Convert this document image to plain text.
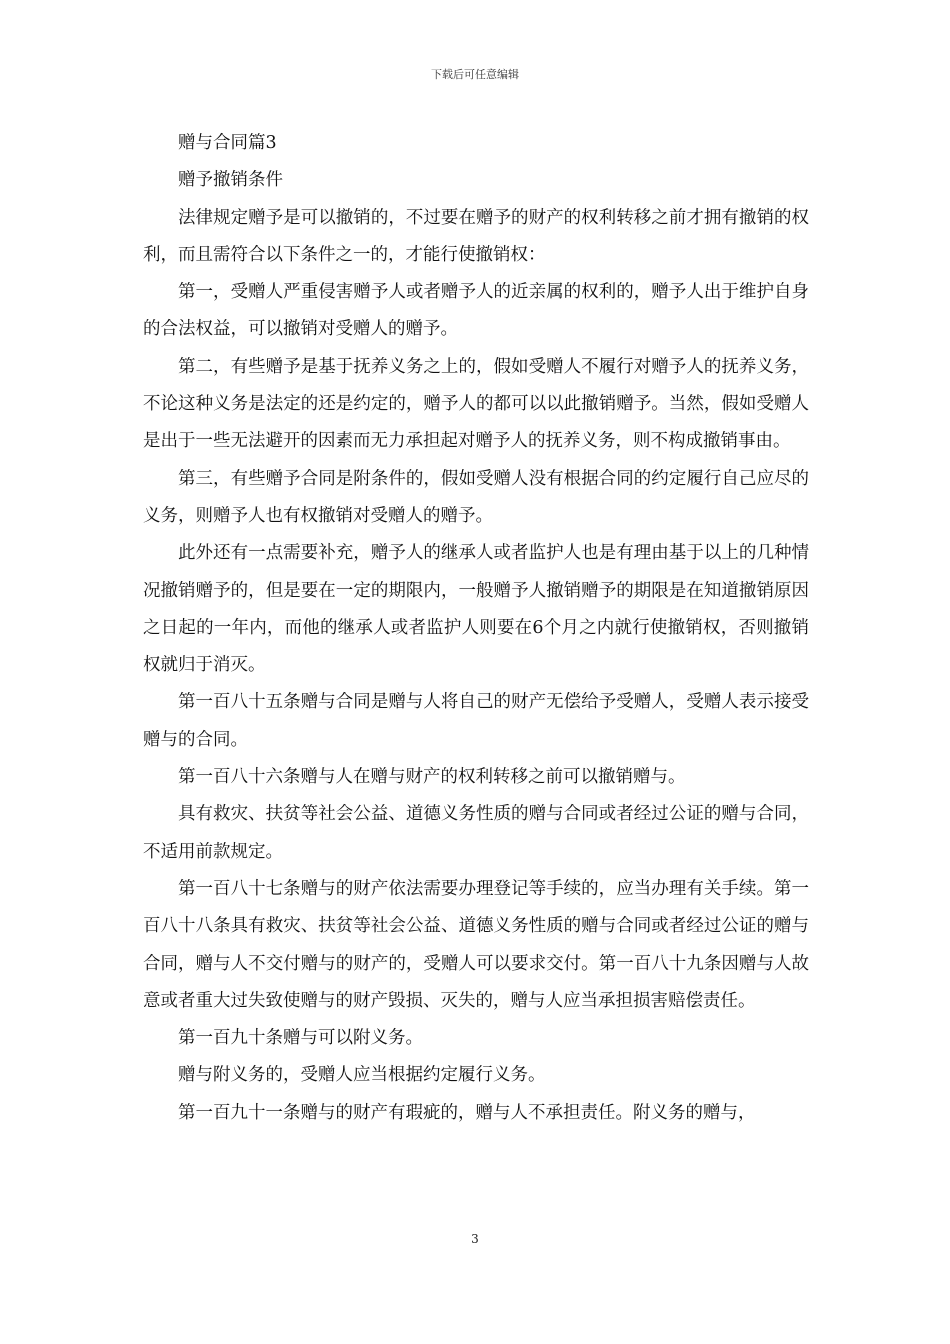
下载后可任意编辑

赠与合同篇3

赠予撤销条件

法律规定赠予是可以撤销的，不过要在赠予的财产的权利转移之前才拥有撤销的权利，而且需符合以下条件之一的，才能行使撤销权：

第一，受赠人严重侵害赠予人或者赠予人的近亲属的权利的，赠予人出于维护自身的合法权益，可以撤销对受赠人的赠予。

第二，有些赠予是基于抚养义务之上的，假如受赠人不履行对赠予人的抚养义务，不论这种义务是法定的还是约定的，赠予人的都可以以此撤销赠予。当然，假如受赠人是出于一些无法避开的因素而无力承担起对赠予人的抚养义务，则不构成撤销事由。

第三，有些赠予合同是附条件的，假如受赠人没有根据合同的约定履行自己应尽的义务，则赠予人也有权撤销对受赠人的赠予。

此外还有一点需要补充，赠予人的继承人或者监护人也是有理由基于以上的几种情况撤销赠予的，但是要在一定的期限内，一般赠予人撤销赠予的期限是在知道撤销原因之日起的一年内，而他的继承人或者监护人则要在6个月之内就行使撤销权，否则撤销权就归于消灭。

第一百八十五条赠与合同是赠与人将自己的财产无偿给予受赠人，受赠人表示接受赠与的合同。

第一百八十六条赠与人在赠与财产的权利转移之前可以撤销赠与。

具有救灾、扶贫等社会公益、道德义务性质的赠与合同或者经过公证的赠与合同，不适用前款规定。

第一百八十七条赠与的财产依法需要办理登记等手续的，应当办理有关手续。第一百八十八条具有救灾、扶贫等社会公益、道德义务性质的赠与合同或者经过公证的赠与合同，赠与人不交付赠与的财产的，受赠人可以要求交付。第一百八十九条因赠与人故意或者重大过失致使赠与的财产毁损、灭失的，赠与人应当承担损害赔偿责任。

第一百九十条赠与可以附义务。

赠与附义务的，受赠人应当根据约定履行义务。

第一百九十一条赠与的财产有瑕疵的，赠与人不承担责任。附义务的赠与，

3
